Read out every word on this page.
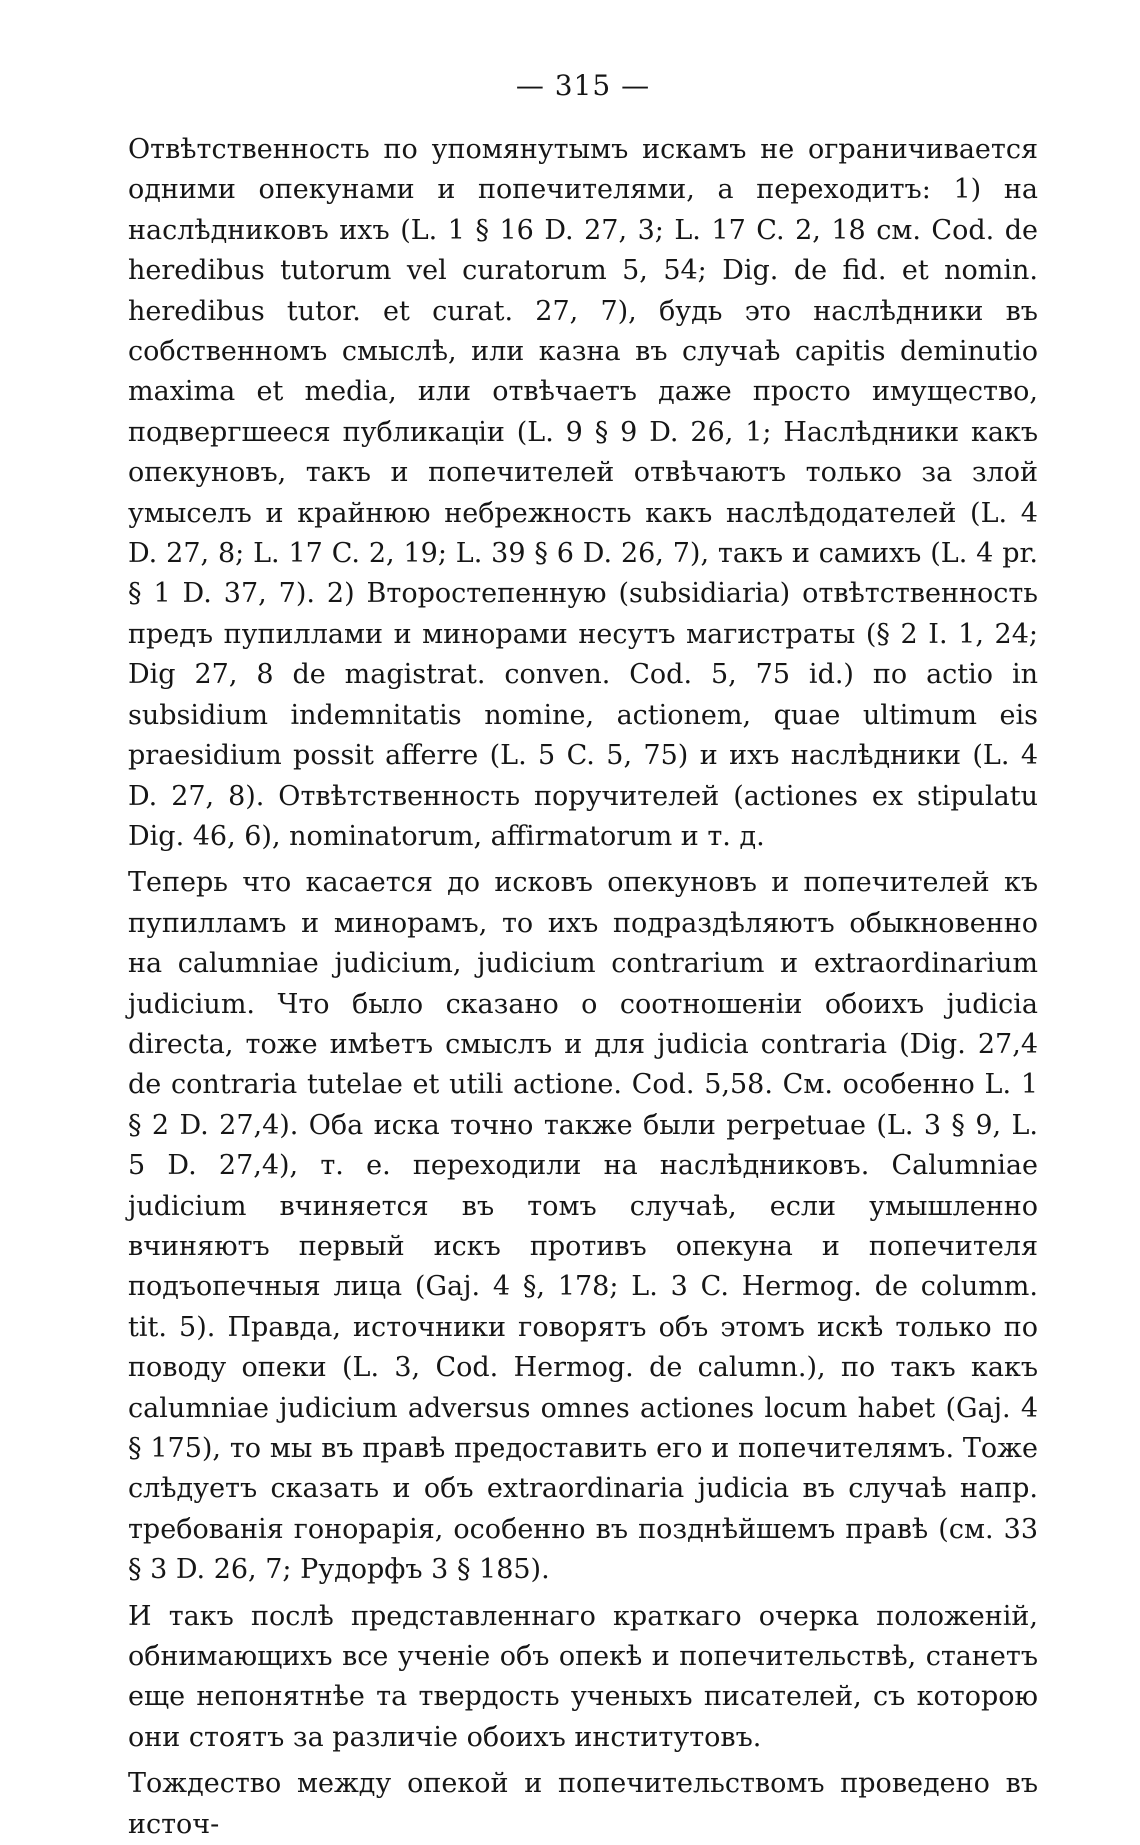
— 315 —

Отвѣтственность по упомянутымъ искамъ не ограничивается одними опекунами и попечителями, а переходитъ: 1) на наслѣдниковъ ихъ (L. 1 § 16 D. 27, 3; L. 17 C. 2, 18 см. Cod. de heredibus tutorum vel curatorum 5, 54; Dig. de fid. et nomin. heredibus tutor. et curat. 27, 7), будь это наслѣдники въ собственномъ смыслѣ, или казна въ случаѣ capitis deminutio maxima et media, или отвѣчаетъ даже просто имущество, подвергшееся публикаціи (L. 9 § 9 D. 26, 1; Наслѣдники какъ опекуновъ, такъ и попечителей отвѣчаютъ только за злой умыселъ и крайнюю небрежность какъ наслѣдодателей (L. 4 D. 27, 8; L. 17 C. 2, 19; L. 39 § 6 D. 26, 7), такъ и самихъ (L. 4 pr. § 1 D. 37, 7). 2) Второстепенную (subsidiaria) отвѣтственность предъ пупиллами и минорами несутъ магистраты (§ 2 I. 1, 24; Dig 27, 8 de magistrat. conven. Cod. 5, 75 id.) по actio in subsidium indemnitatis nomine, actionem, quae ultimum eis praesidium possit afferre (L. 5 C. 5, 75) и ихъ наслѣдники (L. 4 D. 27, 8). Отвѣтственность поручителей (actiones ex stipulatu Dig. 46, 6), nominatorum, affirmatorum и т. д.

Теперь что касается до исковъ опекуновъ и попечителей къ пупилламъ и минорамъ, то ихъ подраздѣляютъ обыкновенно на calumniae judicium, judicium contrarium и extraordinarium judicium. Что было сказано о соотношеніи обоихъ judicia directa, тоже имѣетъ смыслъ и для judicia contraria (Dig. 27,4 de contraria tutelae et utili actione. Cod. 5,58. См. особенно L. 1 § 2 D. 27,4). Оба иска точно также были perpetuae (L. 3 § 9, L. 5 D. 27,4), т. е. переходили на наслѣдниковъ. Calumniae judicium вчиняется въ томъ случаѣ, если умышленно вчиняютъ первый искъ противъ опекуна и попечителя подъопечныя лица (Gaj. 4 §, 178; L. 3 C. Hermog. de columm. tit. 5). Правда, источники говорятъ объ этомъ искѣ только по поводу опеки (L. 3, Cod. Hermog. de calumn.), по такъ какъ calumniae judicium adversus omnes actiones locum habet (Gaj. 4 § 175), то мы въ правѣ предоставить его и попечителямъ. Тоже слѣдуетъ сказать и объ extraordinaria judicia въ случаѣ напр. требованія гонорарія, особенно въ позднѣйшемъ правѣ (см. 33 § 3 D. 26, 7; Рудорфъ 3 § 185).

И такъ послѣ представленнаго краткаго очерка положеній, обнимающихъ все ученіе объ опекѣ и попечительствѣ, станетъ еще непонятнѣе та твердость ученыхъ писателей, съ которою они стоятъ за различіе обоихъ институтовъ.

Тождество между опекой и попечительствомъ проведено въ источ-
